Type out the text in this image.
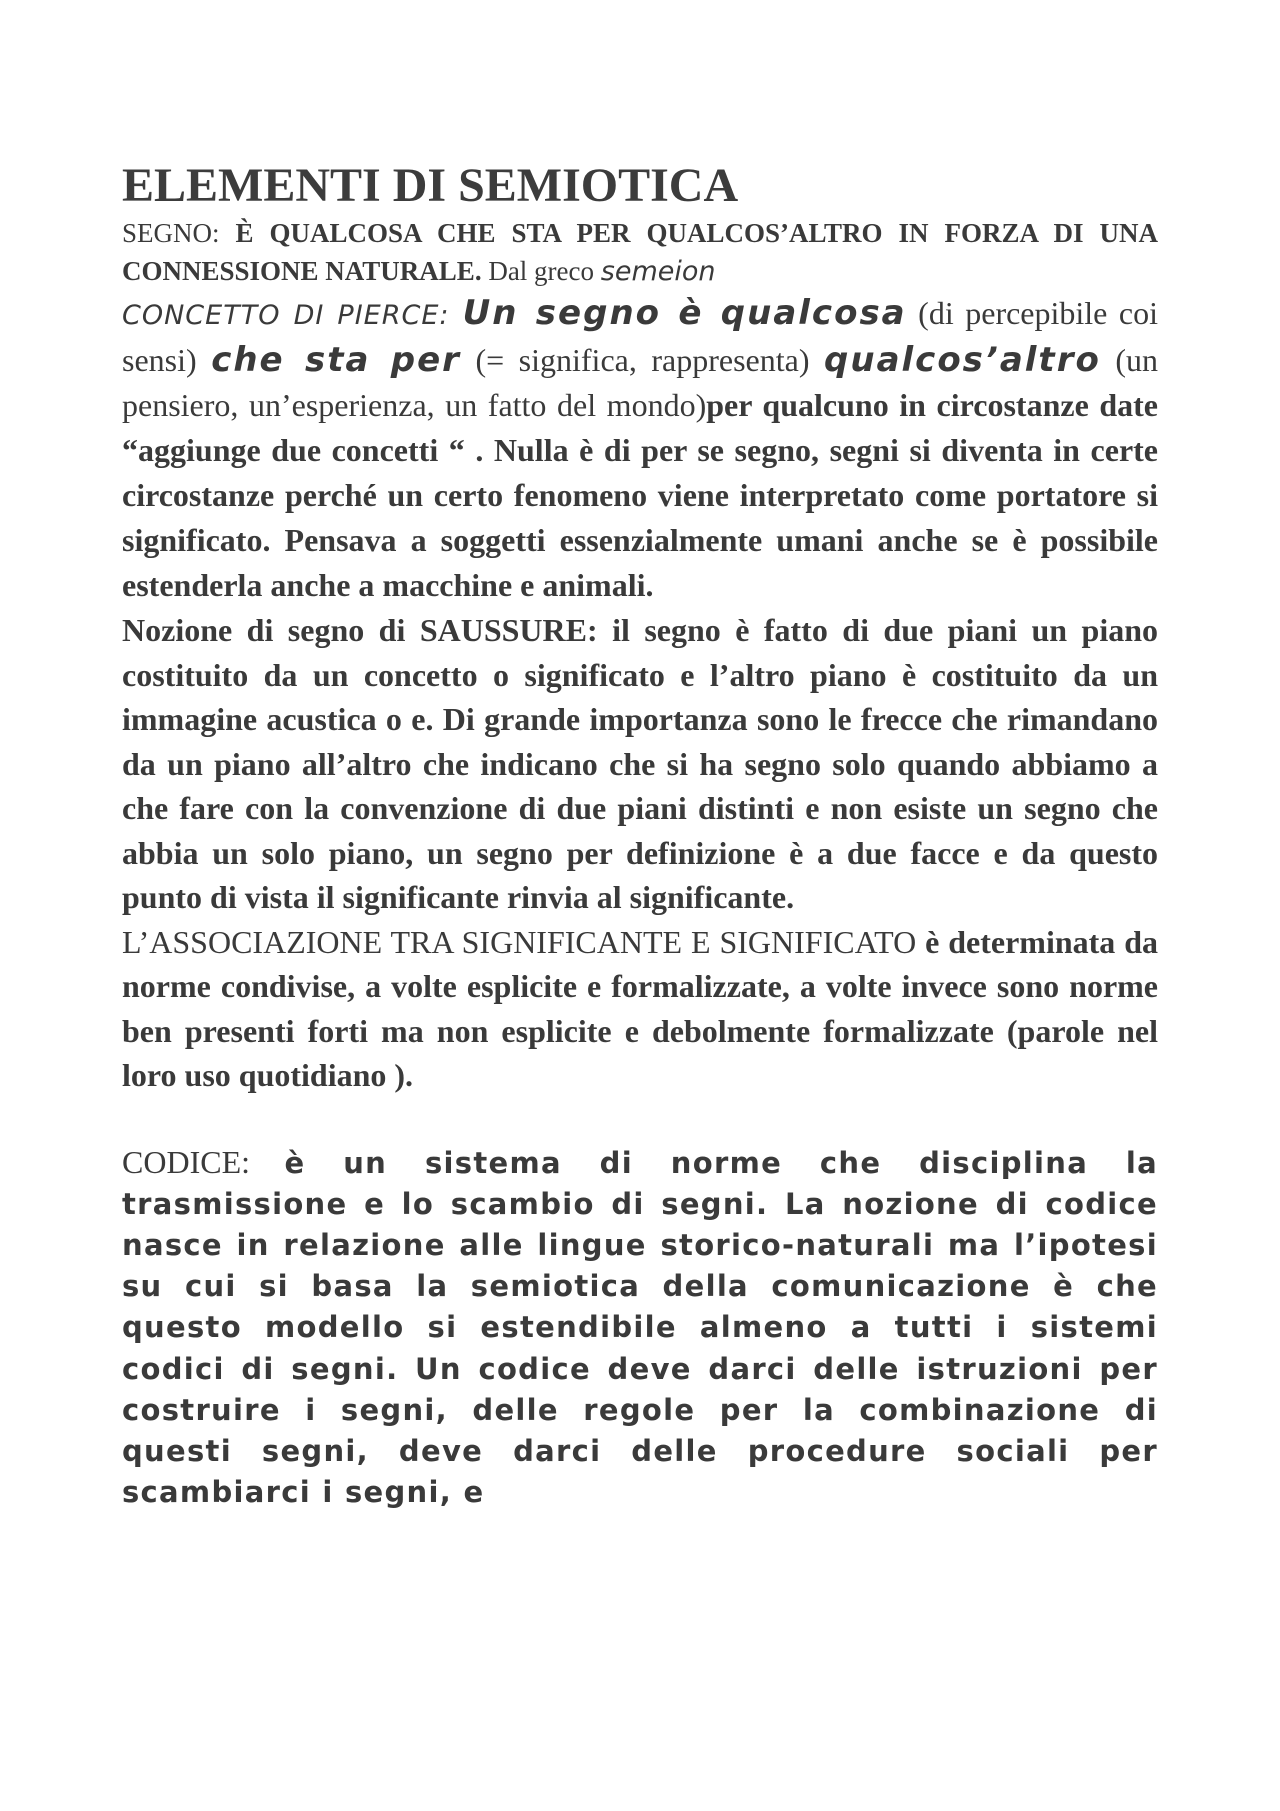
ELEMENTI DI SEMIOTICA

SEGNO: È QUALCOSA CHE STA PER QUALCOS’ALTRO IN FORZA DI UNA CONNESSIONE NATURALE. Dal greco semeion

CONCETTO DI PIERCE: Un segno è qualcosa (di percepibile coi sensi) che sta per (= significa, rappresenta) qualcos’altro (un pensiero, un’esperienza, un fatto del mondo)per qualcuno in circostanze date “aggiunge due concetti “ . Nulla è di per se segno, segni si diventa in certe circostanze perché un certo fenomeno viene interpretato come portatore si significato. Pensava a soggetti essenzialmente umani anche se è possibile estenderla anche a macchine e animali.

Nozione di segno di SAUSSURE: il segno è fatto di due piani un piano costituito da un concetto o significato e l’altro piano è costituito da un immagine acustica o e. Di grande importanza sono le frecce che rimandano da un piano all’altro che indicano che si ha segno solo quando abbiamo a che fare con la convenzione di due piani distinti e non esiste un segno che abbia un solo piano, un segno per definizione è a due facce e da questo punto di vista il significante rinvia al significante.

L’ASSOCIAZIONE TRA SIGNIFICANTE E SIGNIFICATO è determinata da norme condivise, a volte esplicite e formalizzate, a volte invece sono norme ben presenti forti ma non esplicite e debolmente formalizzate (parole nel loro uso quotidiano ).

CODICE: è un sistema di norme che disciplina la trasmissione e lo scambio di segni. La nozione di codice nasce in relazione alle lingue storico-naturali ma l’ipotesi su cui si basa la semiotica della comunicazione è che questo modello si estendibile almeno a tutti i sistemi codici di segni. Un codice deve darci delle istruzioni per costruire i segni, delle regole per la combinazione di questi segni, deve darci delle procedure sociali per scambiarci i segni, e
